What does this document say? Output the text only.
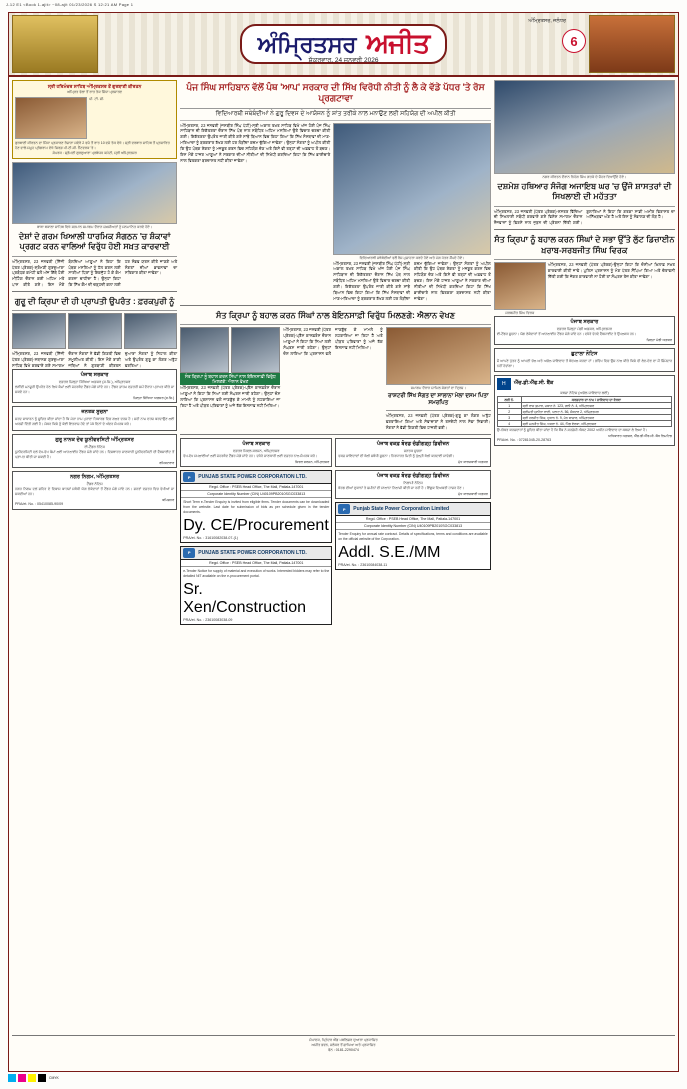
J-12 E1 <Book 1-ajit> ~08-ajit 01/23/2026 S 12:21 AM Page 1
ਅੰਮ੍ਰਿਤਸਰ, ਜਲੰਧਰ
ਅੰਮ੍ਰਿਤਸਰ ਅਜੀਤ	6
ਸ਼ੁੱਕਰਵਾਰ, 24 ਜਨਵਰੀ 2026
ਸ੍ਰੀ ਹਰਿਮੰਦਰ ਸਾਹਿਬ ਅੰਮ੍ਰਿਤਸਰ ਤੋਂ ਗੁਰਬਾਣੀ ਕੀਰਤਨ
ਅੰਮ੍ਰਿਤ ਵੇਲਾ ਤੋਂ ਰਾਤ ਤੱਕ ਸਿੱਧਾ ਪ੍ਰਸਾਰਣ
ਪੀ. ਟੀ. ਸੀ.
ਗੁਰਬਾਣੀ ਕੀਰਤਨ ਦਾ ਸਿੱਧਾ ਪ੍ਰਸਾਰਣ ਰੋਜ਼ਾਨਾ ਸਵੇਰੇ 2 ਵਜੇ ਤੋਂ ਰਾਤ 10 ਵਜੇ ਤੱਕ ਵੇਖੋ। ਸ੍ਰੀ ਦਰਬਾਰ ਸਾਹਿਬ ਤੋਂ ਪ੍ਰਸਾਰਿਤ ਹੋਣ ਵਾਲੇ ਸਮੂਹ ਪ੍ਰੋਗਰਾਮ ਦੇਖੋ ਸਿਰਫ਼ ਪੀ.ਟੀ.ਸੀ. ਨੈੱਟਵਰਕ 'ਤੇ।
ਸੰਪਰਕ : ਸ਼੍ਰੋਮਣੀ ਗੁਰਦੁਆਰਾ ਪ੍ਰਬੰਧਕ ਕਮੇਟੀ, ਸ੍ਰੀ ਅੰਮ੍ਰਿਤਸਰ
ਬਾਬਾ ਬਕਾਲਾ ਸਾਹਿਬ ਵਿਖੇ ਸਨਮਾਨ ਸਮਾਗਮ ਦੌਰਾਨ ਸ਼ਖ਼ਸੀਅਤਾਂ ਨੂੰ ਸਨਮਾਨਿਤ ਕਰਦੇ ਹੋਏ।
ਦੇਸ਼ਾਂ ਦੇ ਗਰਮ ਖਿਆਲੀ ਧਾਰਮਿਕ ਸੰਗਠਨ 'ਚ ਸ਼ੰਕਾਵਾਂ ਪ੍ਰਗਟ ਕਰਨ ਵਾਲਿਆਂ ਵਿਰੁੱਧ ਹੋਈ ਸਖ਼ਤ ਕਾਰਵਾਈ
ਅੰਮ੍ਰਿਤਸਰ, 23 ਜਨਵਰੀ (ਨਿੱਜੀ ਪੱਤਰ ਪ੍ਰੇਰਕ)-ਸ਼੍ਰੋਮਣੀ ਗੁਰਦੁਆਰਾ ਪ੍ਰਬੰਧਕ ਕਮੇਟੀ ਵਲੋਂ ਅੱਜ ਇੱਥੇ ਹੋਈ ਮੀਟਿੰਗ ਦੌਰਾਨ ਕਈ ਅਹਿਮ ਮਤੇ ਪਾਸ ਕੀਤੇ ਗਏ। ਇਸ ਮੌਕੇ ਬੋਲਦਿਆਂ ਆਗੂਆਂ ਨੇ ਕਿਹਾ ਕਿ ਪੰਥਕ ਮਸਲਿਆਂ ਨੂੰ ਹੱਲ ਕਰਨ ਲਈ ਸਾਰੀਆਂ ਧਿਰਾਂ ਨੂੰ ਇਕਜੁੱਟ ਹੋ ਕੇ ਕੰਮ ਕਰਨਾ ਚਾਹੀਦਾ ਹੈ। ਉਨ੍ਹਾਂ ਕਿਹਾ ਕਿ ਸਿੱਖ ਕੌਮ ਦੀ ਚੜ੍ਹਦੀ ਕਲਾ ਲਈ ਹਰ ਸੰਭਵ ਯਤਨ ਕੀਤੇ ਜਾਣਗੇ ਅਤੇ ਸੰਗਤਾਂ ਦੀਆਂ ਭਾਵਨਾਵਾਂ ਦਾ ਸਤਿਕਾਰ ਕੀਤਾ ਜਾਵੇਗਾ।
ਗੁਰੂ ਦੀ ਕ੍ਰਿਪਾ ਦੀ ਹੀ ਪ੍ਰਾਪਤੀ ਉਪਰੰਤ : ਫ਼ਰਕਪੁਰੀ ਨੂੰ
ਅੰਮ੍ਰਿਤਸਰ, 23 ਜਨਵਰੀ (ਨਿੱਜੀ ਪੱਤਰ ਪ੍ਰੇਰਕ)-ਸਥਾਨਕ ਗੁਰਦੁਆਰਾ ਸਾਹਿਬ ਵਿਖੇ ਕਰਵਾਏ ਗਏ ਸਮਾਗਮ ਦੌਰਾਨ ਸੰਗਤਾਂ ਨੇ ਵੱਡੀ ਗਿਣਤੀ ਵਿਚ ਸ਼ਮੂਲੀਅਤ ਕੀਤੀ। ਇਸ ਮੌਕੇ ਰਾਗੀ ਜਥਿਆਂ ਨੇ ਗੁਰਬਾਣੀ ਕੀਰਤਨ ਦੁਆਰਾ ਸੰਗਤਾਂ ਨੂੰ ਨਿਹਾਲ ਕੀਤਾ ਅਤੇ ਉਪਰੰਤ ਗੁਰੂ ਕਾ ਲੰਗਰ ਅਤੁੱਟ ਵਰਤਿਆ।
ਪੰਜਾਬ ਸਰਕਾਰ
ਦਫ਼ਤਰ ਜ਼ਿਲ੍ਹਾ ਸਿੱਖਿਆ ਅਫ਼ਸਰ (ਸ.ਸਿ.), ਅੰਮ੍ਰਿਤਸਰ
ਲੋੜੀਂਦੀ ਮਨਜ਼ੂਰੀ ਉਪਰੰਤ ਹੇਠ ਲਿਖੇ ਕੰਮਾਂ ਲਈ ਮੋਹਰਬੰਦ ਟੈਂਡਰ ਮੰਗੇ ਜਾਂਦੇ ਹਨ। ਟੈਂਡਰ ਫ਼ਾਰਮ ਦਫ਼ਤਰੀ ਸਮੇਂ ਦੌਰਾਨ ਪ੍ਰਾਪਤ ਕੀਤੇ ਜਾ ਸਕਦੇ ਹਨ।
ਜ਼ਿਲ੍ਹਾ ਸਿੱਖਿਆ ਅਫ਼ਸਰ (ਸ.ਸਿ.)
ਜਨਤਕ ਸੂਚਨਾ
ਸਰਵ ਸਾਧਾਰਨ ਨੂੰ ਸੂਚਿਤ ਕੀਤਾ ਜਾਂਦਾ ਹੈ ਕਿ ਮੇਰਾ ਨਾਮ ਪੁਰਾਣਾ ਰਿਕਾਰਡ ਵਿਚ ਗਲਤ ਦਰਜ ਹੈ। ਸਹੀ ਨਾਮ ਦਰਜ ਕਰਵਾਉਣ ਲਈ ਅਰਜ਼ੀ ਦਿੱਤੀ ਗਈ ਹੈ। ਜੇਕਰ ਕਿਸੇ ਨੂੰ ਕੋਈ ਇਤਰਾਜ਼ ਹੋਵੇ ਤਾਂ 15 ਦਿਨਾਂ ਦੇ ਅੰਦਰ ਸੰਪਰਕ ਕਰੇ।
ਗੁਰੂ ਨਾਨਕ ਦੇਵ ਯੂਨੀਵਰਸਿਟੀ ਅੰਮ੍ਰਿਤਸਰ
ਈ-ਟੈਂਡਰ ਨੋਟਿਸ
ਯੂਨੀਵਰਸਿਟੀ ਵਲੋਂ ਵੱਖ-ਵੱਖ ਕੰਮਾਂ ਲਈ ਆਨਲਾਈਨ ਟੈਂਡਰ ਮੰਗੇ ਜਾਂਦੇ ਹਨ। ਵਿਸਥਾਰਤ ਜਾਣਕਾਰੀ ਯੂਨੀਵਰਸਿਟੀ ਦੀ ਵੈੱਬਸਾਈਟ ਤੋਂ ਪ੍ਰਾਪਤ ਕੀਤੀ ਜਾ ਸਕਦੀ ਹੈ।
ਰਜਿਸਟਰਾਰ
ਨਗਰ ਨਿਗਮ, ਅੰਮ੍ਰਿਤਸਰ
ਟੈਂਡਰ ਨੋਟਿਸ
ਨਗਰ ਨਿਗਮ ਵਲੋਂ ਸ਼ਹਿਰ ਦੇ ਵਿਕਾਸ ਕਾਰਜਾਂ ਸਬੰਧੀ ਯੋਗ ਠੇਕੇਦਾਰਾਂ ਤੋਂ ਟੈਂਡਰ ਮੰਗੇ ਜਾਂਦੇ ਹਨ। ਸ਼ਰਤਾਂ ਦਫ਼ਤਰ ਵਿਚ ਵੇਖੀਆਂ ਜਾ ਸਕਦੀਆਂ ਹਨ।
ਕਮਿਸ਼ਨਰ
PRA/et. No. : 05410085-90/09
ਪੰਜ ਸਿੰਘ ਸਾਹਿਬਾਨ ਵੱਲੋਂ ਪੰਥ 'ਆਪ' ਸਰਕਾਰ ਦੀ ਸਿੱਖ ਵਿਰੋਧੀ ਨੀਤੀ ਨੂੰ ਲੈ ਕੇ ਵੱਡੇ ਪੱਧਰ 'ਤੇ ਰੋਸ ਪ੍ਰਗਟਾਵਾ
ਵਿਦਿਆਰਥੀ ਜਥੇਬੰਦੀਆਂ ਨੇ ਗੁਰੂ ਦਿਵਸ ਦੇ ਆਯੋਜਨ ਨੂੰ ਸ਼ਾਂਤ ਤਰੀਕੇ ਨਾਲ ਮਨਾਉਣ ਲਈ ਸਹਿਯੋਗ ਦੀ ਅਪੀਲ ਕੀਤੀ
ਅੰਮ੍ਰਿਤਸਰ, 23 ਜਨਵਰੀ (ਜਸਬੀਰ ਸਿੰਘ ਪੱਟੀ)-ਸ੍ਰੀ ਅਕਾਲ ਤਖ਼ਤ ਸਾਹਿਬ ਵਿਖੇ ਅੱਜ ਹੋਈ ਪੰਜ ਸਿੰਘ ਸਾਹਿਬਾਨ ਦੀ ਇਕੱਤਰਤਾ ਦੌਰਾਨ ਸਿੱਖ ਪੰਥ ਨਾਲ ਸਬੰਧਿਤ ਅਹਿਮ ਮਸਲਿਆਂ ਉਤੇ ਵਿਚਾਰ ਚਰਚਾ ਕੀਤੀ ਗਈ। ਇਕੱਤਰਤਾ ਉਪਰੰਤ ਜਾਰੀ ਕੀਤੇ ਗਏ ਸਾਂਝੇ ਬਿਆਨ ਵਿਚ ਕਿਹਾ ਗਿਆ ਕਿ ਸਿੱਖ ਸੰਸਥਾਵਾਂ ਦੀ ਮਾਣ-ਮਰਿਆਦਾ ਨੂੰ ਬਰਕਰਾਰ ਰੱਖਣ ਲਈ ਹਰ ਲੋੜੀਂਦਾ ਕਦਮ ਚੁੱਕਿਆ ਜਾਵੇਗਾ। ਉਨ੍ਹਾਂ ਸੰਗਤਾਂ ਨੂੰ ਅਪੀਲ ਕੀਤੀ ਕਿ ਉਹ ਪੰਥਕ ਏਕਤਾ ਨੂੰ ਮਜ਼ਬੂਤ ਕਰਨ ਵਿਚ ਸਹਿਯੋਗ ਦੇਣ ਅਤੇ ਕਿਸੇ ਵੀ ਤਰ੍ਹਾਂ ਦੀ ਅਫ਼ਵਾਹ ਤੋਂ ਬਚਣ। ਇਸ ਮੌਕੇ ਹਾਜ਼ਰ ਆਗੂਆਂ ਨੇ ਸਰਕਾਰ ਦੀਆਂ ਨੀਤੀਆਂ ਦੀ ਨਿਖੇਧੀ ਕਰਦਿਆਂ ਕਿਹਾ ਕਿ ਸਿੱਖ ਭਾਈਚਾਰੇ ਨਾਲ ਵਿਤਕਰਾ ਬਰਦਾਸ਼ਤ ਨਹੀਂ ਕੀਤਾ ਜਾਵੇਗਾ।
ਵਿਦਿਆਰਥੀ ਜਥੇਬੰਦੀਆਂ ਵਲੋਂ ਰੋਸ ਮੁਜ਼ਾਹਰਾ ਕਰਦੇ ਹੋਏ ਅਤੇ ਮੰਗ ਪੱਤਰ ਸੌਂਪਦੇ ਹੋਏ।
ਅੰਮ੍ਰਿਤਸਰ, 23 ਜਨਵਰੀ (ਜਸਬੀਰ ਸਿੰਘ ਪੱਟੀ)-ਸ੍ਰੀ ਅਕਾਲ ਤਖ਼ਤ ਸਾਹਿਬ ਵਿਖੇ ਅੱਜ ਹੋਈ ਪੰਜ ਸਿੰਘ ਸਾਹਿਬਾਨ ਦੀ ਇਕੱਤਰਤਾ ਦੌਰਾਨ ਸਿੱਖ ਪੰਥ ਨਾਲ ਸਬੰਧਿਤ ਅਹਿਮ ਮਸਲਿਆਂ ਉਤੇ ਵਿਚਾਰ ਚਰਚਾ ਕੀਤੀ ਗਈ। ਇਕੱਤਰਤਾ ਉਪਰੰਤ ਜਾਰੀ ਕੀਤੇ ਗਏ ਸਾਂਝੇ ਬਿਆਨ ਵਿਚ ਕਿਹਾ ਗਿਆ ਕਿ ਸਿੱਖ ਸੰਸਥਾਵਾਂ ਦੀ ਮਾਣ-ਮਰਿਆਦਾ ਨੂੰ ਬਰਕਰਾਰ ਰੱਖਣ ਲਈ ਹਰ ਲੋੜੀਂਦਾ ਕਦਮ ਚੁੱਕਿਆ ਜਾਵੇਗਾ। ਉਨ੍ਹਾਂ ਸੰਗਤਾਂ ਨੂੰ ਅਪੀਲ ਕੀਤੀ ਕਿ ਉਹ ਪੰਥਕ ਏਕਤਾ ਨੂੰ ਮਜ਼ਬੂਤ ਕਰਨ ਵਿਚ ਸਹਿਯੋਗ ਦੇਣ ਅਤੇ ਕਿਸੇ ਵੀ ਤਰ੍ਹਾਂ ਦੀ ਅਫ਼ਵਾਹ ਤੋਂ ਬਚਣ। ਇਸ ਮੌਕੇ ਹਾਜ਼ਰ ਆਗੂਆਂ ਨੇ ਸਰਕਾਰ ਦੀਆਂ ਨੀਤੀਆਂ ਦੀ ਨਿਖੇਧੀ ਕਰਦਿਆਂ ਕਿਹਾ ਕਿ ਸਿੱਖ ਭਾਈਚਾਰੇ ਨਾਲ ਵਿਤਕਰਾ ਬਰਦਾਸ਼ਤ ਨਹੀਂ ਕੀਤਾ ਜਾਵੇਗਾ।
ਸੰਤ ਕ੍ਰਿਪਾ ਨੂੰ ਬਹਾਲ ਕਰਨ ਸਿੰਘਾਂ ਨਾਲ ਬੇਇਨਸਾਫ਼ੀ ਵਿਰੁੱਧ ਮਿਲਣਗੇ: ਐਲਾਨ ਵੇਖਣ
ਸੰਤ ਕ੍ਰਿਪਾ ਨੂੰ ਬਹਾਲ ਕਰਨ ਸਿੰਘਾਂ ਨਾਲ ਬੇਇਨਸਾਫ਼ੀ ਵਿਰੁੱਧ ਮਿਲਣਗੇ: ਐਲਾਨ ਵੇਖਣ
ਅੰਮ੍ਰਿਤਸਰ, 23 ਜਨਵਰੀ (ਪੱਤਰ ਪ੍ਰੇਰਕ)-ਪ੍ਰੈਸ ਕਾਨਫ਼ਰੰਸ ਦੌਰਾਨ ਆਗੂਆਂ ਨੇ ਕਿਹਾ ਕਿ ਨਿਆਂ ਲਈ ਸੰਘਰਸ਼ ਜਾਰੀ ਰਹੇਗਾ। ਉਨ੍ਹਾਂ ਦੋਸ਼ ਲਾਇਆ ਕਿ ਪ੍ਰਸ਼ਾਸਨ ਵਲੋਂ ਜਾਣਬੁੱਝ ਕੇ ਮਾਮਲੇ ਨੂੰ ਲਟਕਾਇਆ ਜਾ ਰਿਹਾ ਹੈ ਅਤੇ ਪੀੜਤ ਪਰਿਵਾਰਾਂ ਨੂੰ ਅਜੇ ਤੱਕ ਇਨਸਾਫ਼ ਨਹੀਂ ਮਿਲਿਆ।
ਅੰਮ੍ਰਿਤਸਰ, 23 ਜਨਵਰੀ (ਪੱਤਰ ਪ੍ਰੇਰਕ)-ਪ੍ਰੈਸ ਕਾਨਫ਼ਰੰਸ ਦੌਰਾਨ ਆਗੂਆਂ ਨੇ ਕਿਹਾ ਕਿ ਨਿਆਂ ਲਈ ਸੰਘਰਸ਼ ਜਾਰੀ ਰਹੇਗਾ। ਉਨ੍ਹਾਂ ਦੋਸ਼ ਲਾਇਆ ਕਿ ਪ੍ਰਸ਼ਾਸਨ ਵਲੋਂ ਜਾਣਬੁੱਝ ਕੇ ਮਾਮਲੇ ਨੂੰ ਲਟਕਾਇਆ ਜਾ ਰਿਹਾ ਹੈ ਅਤੇ ਪੀੜਤ ਪਰਿਵਾਰਾਂ ਨੂੰ ਅਜੇ ਤੱਕ ਇਨਸਾਫ਼ ਨਹੀਂ ਮਿਲਿਆ।
ਸਮਾਗਮ ਦੌਰਾਨ ਸ਼ਾਮਿਲ ਸੰਗਤਾਂ ਦਾ ਦ੍ਰਿਸ਼।
ਰਾਸ਼ਟਰੀ ਸਿੱਖ ਸੰਗਤ ਦਾ ਸਾਲਾਨਾ ਮੇਲਾ ਦਸਮ ਪਿਤਾ ਸਮਰਪਿਤ
ਅੰਮ੍ਰਿਤਸਰ, 23 ਜਨਵਰੀ (ਪੱਤਰ ਪ੍ਰੇਰਕ)-ਗੁਰੂ ਕਾ ਲੰਗਰ ਅਤੁੱਟ ਵਰਤਾਇਆ ਗਿਆ ਅਤੇ ਸੇਵਾਦਾਰਾਂ ਨੇ ਤਨਦੇਹੀ ਨਾਲ ਸੇਵਾ ਨਿਭਾਈ। ਸੰਗਤਾਂ ਨੇ ਵੱਡੀ ਗਿਣਤੀ ਵਿਚ ਹਾਜ਼ਰੀ ਭਰੀ।
ਪੰਜਾਬ ਸਰਕਾਰ
ਦਫ਼ਤਰ ਸਿਵਲ ਸਰਜਨ, ਅੰਮ੍ਰਿਤਸਰ
ਵੱਖ-ਵੱਖ ਸਪਲਾਈਆਂ ਲਈ ਮੋਹਰਬੰਦ ਟੈਂਡਰ ਮੰਗੇ ਜਾਂਦੇ ਹਨ। ਵਧੇਰੇ ਜਾਣਕਾਰੀ ਲਈ ਦਫ਼ਤਰ ਨਾਲ ਸੰਪਰਕ ਕਰੋ।
ਸਿਵਲ ਸਰਜਨ, ਅੰਮ੍ਰਿਤਸਰ
P	PUNJAB STATE POWER CORPORATION LTD.
Regd. Office : PSEB Head Office, The Mall, Patiala-147001
Corporate Identity Number (CIN) U40109PB2010SGC033813
Short Term e-Tender Enquiry is invited from eligible firms. Tender documents can be downloaded from the website. Last date for submission of bids as per schedule given in the tender documents.
Dy. CE/Procurement
PRA/et. No. : 31610082038-07-(1)
P	PUNJAB STATE POWER CORPORATION LTD.
Regd. Office : PSEB Head Office, The Mall, Patiala-147001
e-Tender Notice for supply of material and execution of works. Interested bidders may refer to the detailed NIT available on the e-procurement portal.
Sr. Xen/Construction
PRA/et. No. : 23610083038-09
ਪੰਜਾਬ ਵਕਫ਼ ਬੋਰਡ ਚੰਡੀਗੜ੍ਹ ਡਿਵੀਜ਼ਨ
ਜਨਤਕ ਸੂਚਨਾ
ਵਕਫ਼ ਜਾਇਦਾਦਾਂ ਦੀ ਬੋਲੀ ਸਬੰਧੀ ਸੂਚਨਾ। ਨਿਰਧਾਰਤ ਮਿਤੀ ਨੂੰ ਖੁੱਲ੍ਹੀ ਬੋਲੀ ਕਰਵਾਈ ਜਾਵੇਗੀ।
ਮੁੱਖ ਕਾਰਜਕਾਰੀ ਅਫ਼ਸਰ
ਪੰਜਾਬ ਵਕਫ਼ ਬੋਰਡ ਚੰਡੀਗੜ੍ਹ ਡਿਵੀਜ਼ਨ
ਨਿਲਾਮੀ ਨੋਟਿਸ
ਬੋਰਡ ਦੀਆਂ ਦੁਕਾਨਾਂ ਤੇ ਜ਼ਮੀਨਾਂ ਦੀ ਸਾਲਾਨਾ ਨਿਲਾਮੀ ਕੀਤੀ ਜਾ ਰਹੀ ਹੈ। ਇੱਛੁਕ ਵਿਅਕਤੀ ਹਾਜ਼ਰ ਹੋਣ।
ਮੁੱਖ ਕਾਰਜਕਾਰੀ ਅਫ਼ਸਰ
P	Punjab State Power Corporation Limited
Regd. Office : PSEB Head Office, The Mall, Patiala-147001
Corporate Identity Number (CIN) U40109PB2010SGC033813
Tender Enquiry for annual rate contract. Details of specifications, terms and conditions are available on the official website of the Corporation.
Addl. S.E./MM
PRA/et. No. : 23610084038-11
ਨਗਰ ਕੀਰਤਨ ਦੌਰਾਨ ਨਿਹੰਗ ਸਿੰਘ ਗਤਕੇ ਦੇ ਜੌਹਰ ਦਿਖਾਉਂਦੇ ਹੋਏ।
ਦਸ਼ਮੇਸ਼ ਹਥਿਆਰ ਸੰਜੋਗ ਅਜਾਇਬ ਘਰ 'ਚ ਉਂਜੋ ਸ਼ਾਸਤਰਾਂ ਦੀ ਸਿਖਲਾਈ ਦੀ ਮਹੱਤਤਾ
ਅੰਮ੍ਰਿਤਸਰ, 23 ਜਨਵਰੀ (ਪੱਤਰ ਪ੍ਰੇਰਕ)-ਸ਼ਸਤਰ ਵਿੱਦਿਆ ਦੀ ਸਿਖਲਾਈ ਸਬੰਧੀ ਕਰਵਾਏ ਗਏ ਵਿਸ਼ੇਸ਼ ਸਮਾਗਮ ਦੌਰਾਨ ਨੌਜਵਾਨਾਂ ਨੂੰ ਵਿਰਸੇ ਨਾਲ ਜੁੜਨ ਦੀ ਪ੍ਰੇਰਨਾ ਦਿੱਤੀ ਗਈ। ਬੁਲਾਰਿਆਂ ਨੇ ਕਿਹਾ ਕਿ ਗਤਕਾ ਸਾਡੀ ਅਮੀਰ ਵਿਰਾਸਤ ਦਾ ਅਨਿੱਖੜਵਾਂ ਅੰਗ ਹੈ ਅਤੇ ਇਸ ਨੂੰ ਸੰਭਾਲਣ ਦੀ ਲੋੜ ਹੈ।
ਸੰਤ ਕ੍ਰਿਪਾ ਨੂੰ ਬਹਾਲ ਕਰਨ ਸਿੰਘਾਂ ਦੇ ਸਭਾ ਉੱਤੇ ਲੁੱਟ ਡਿਜ਼ਾਈਨ ਖ਼ਰਾਬ-ਸਰਬਜੀਤ ਸਿੰਘ ਵਿਰਕ
ਸਰਬਜੀਤ ਸਿੰਘ ਵਿਰਕ
ਅੰਮ੍ਰਿਤਸਰ, 23 ਜਨਵਰੀ (ਪੱਤਰ ਪ੍ਰੇਰਕ)-ਉਨ੍ਹਾਂ ਕਿਹਾ ਕਿ ਦੋਸ਼ੀਆਂ ਖ਼ਿਲਾਫ਼ ਸਖ਼ਤ ਕਾਰਵਾਈ ਕੀਤੀ ਜਾਵੇ। ਪੁਲਿਸ ਪ੍ਰਸ਼ਾਸਨ ਨੂੰ ਮੰਗ ਪੱਤਰ ਸੌਂਪਿਆ ਗਿਆ ਅਤੇ ਚੇਤਾਵਨੀ ਦਿੱਤੀ ਗਈ ਕਿ ਜੇਕਰ ਕਾਰਵਾਈ ਨਾ ਹੋਈ ਤਾਂ ਸੰਘਰਸ਼ ਤੇਜ਼ ਕੀਤਾ ਜਾਵੇਗਾ।
ਪੰਜਾਬ ਸਰਕਾਰ
ਦਫ਼ਤਰ ਜ਼ਿਲ੍ਹਾ ਮੰਡੀ ਅਫ਼ਸਰ, ਅੰਮ੍ਰਿਤਸਰ
ਈ-ਟੈਂਡਰ ਸੂਚਨਾ। ਯੋਗ ਠੇਕੇਦਾਰਾਂ ਤੋਂ ਆਨਲਾਈਨ ਟੈਂਡਰ ਮੰਗੇ ਜਾਂਦੇ ਹਨ। ਵਧੇਰੇ ਵੇਰਵੇ ਵੈੱਬਸਾਈਟ ਤੇ ਉਪਲਬਧ ਹਨ।
ਜ਼ਿਲ੍ਹਾ ਮੰਡੀ ਅਫ਼ਸਰ
ਛੁਟਾਲਾ ਨੋਟਿਸ
ਮੈਂ ਆਪਣੇ ਪੁੱਤਰ ਨੂੰ ਆਪਣੀ ਚੱਲ ਅਤੇ ਅਚੱਲ ਜਾਇਦਾਦ ਤੋਂ ਬੇਦਖ਼ਲ ਕਰਦਾ ਹਾਂ। ਭਵਿੱਖ ਵਿਚ ਉਸ ਨਾਲ ਕੀਤੇ ਕਿਸੇ ਵੀ ਲੈਣ-ਦੇਣ ਦਾ ਮੈਂ ਜ਼ਿੰਮੇਵਾਰ ਨਹੀਂ ਹੋਵਾਂਗਾ।
H	ਐੱਚ.ਡੀ.ਐੱਫ.ਸੀ. ਬੈਂਕ
ਕਬਜ਼ਾ ਨੋਟਿਸ (ਅਚੱਲ ਜਾਇਦਾਦ ਲਈ)
ਲੜੀ ਨੰ.	ਕਰਜ਼ਦਾਰ ਦਾ ਨਾਮ / ਜਾਇਦਾਦ ਦਾ ਵੇਰਵਾ
1	ਸ੍ਰੀ ਰਾਜ ਕੁਮਾਰ, ਮਕਾਨ ਨੰ. 123, ਗਲੀ ਨੰ. 4, ਅੰਮ੍ਰਿਤਸਰ
2	ਸ੍ਰੀਮਤੀ ਸੁਨੀਤਾ ਰਾਣੀ, ਪਲਾਟ ਨੰ. 56, ਸੈਕਟਰ 2, ਅੰਮ੍ਰਿਤਸਰ
3	ਸ੍ਰੀ ਹਰਜੀਤ ਸਿੰਘ, ਦੁਕਾਨ ਨੰ. 9, ਮੇਨ ਬਾਜ਼ਾਰ, ਅੰਮ੍ਰਿਤਸਰ
4	ਸ੍ਰੀ ਮਨਜੀਤ ਸਿੰਘ, ਖਸਰਾ ਨੰ. 44, ਪਿੰਡ ਵੇਰਕਾ, ਅੰਮ੍ਰਿਤਸਰ
ਉਪਰੋਕਤ ਕਰਜ਼ਦਾਰਾਂ ਨੂੰ ਸੂਚਿਤ ਕੀਤਾ ਜਾਂਦਾ ਹੈ ਕਿ ਬੈਂਕ ਨੇ ਸਰਫ਼ੇਸੀ ਐਕਟ 2002 ਅਧੀਨ ਜਾਇਦਾਦ ਦਾ ਕਬਜ਼ਾ ਲੈ ਲਿਆ ਹੈ।
ਅਧਿਕਾਰਤ ਅਫ਼ਸਰ, ਐੱਚ.ਡੀ.ਐੱਫ.ਸੀ. ਬੈਂਕ ਲਿਮਟਿਡ
PRA/et. No. : 07281045-20-28763
ਸੰਪਾਦਕ, ਪ੍ਰਿੰਟਰ ਐਂਡ ਪਬਲਿਸ਼ਰ ਦੁਆਰਾ ਪ੍ਰਕਾਸ਼ਿਤ
ਅਜੀਤ ਭਵਨ, ਜਲੰਧਰ ਤੋਂ ਛਾਪਿਆ ਅਤੇ ਪ੍ਰਕਾਸ਼ਿਤ
ਫੋਨ : 0181-2290474
CMYK
